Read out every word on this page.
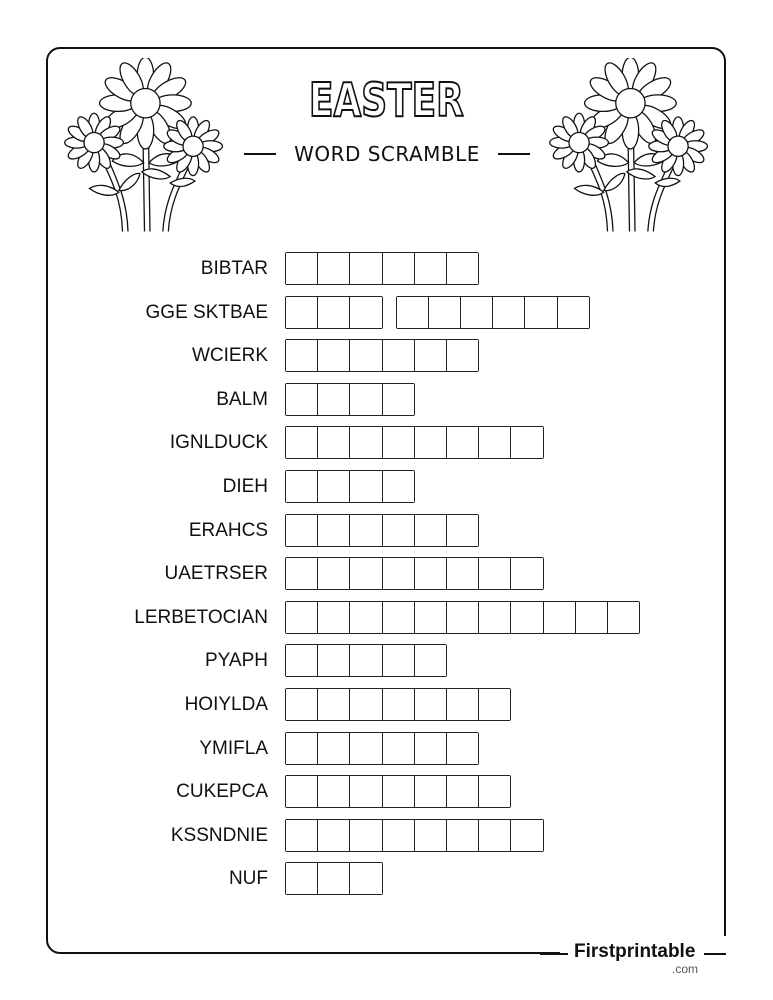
EASTER
WORD SCRAMBLE
BIBTAR
GGE SKTBAE
WCIERK
BALM
IGNLDUCK
DIEH
ERAHCS
UAETRSER
LERBETOCIAN
PYAPH
HOIYLDA
YMIFLA
CUKEPCA
KSSNDNIE
NUF
Firstprintable
.com
